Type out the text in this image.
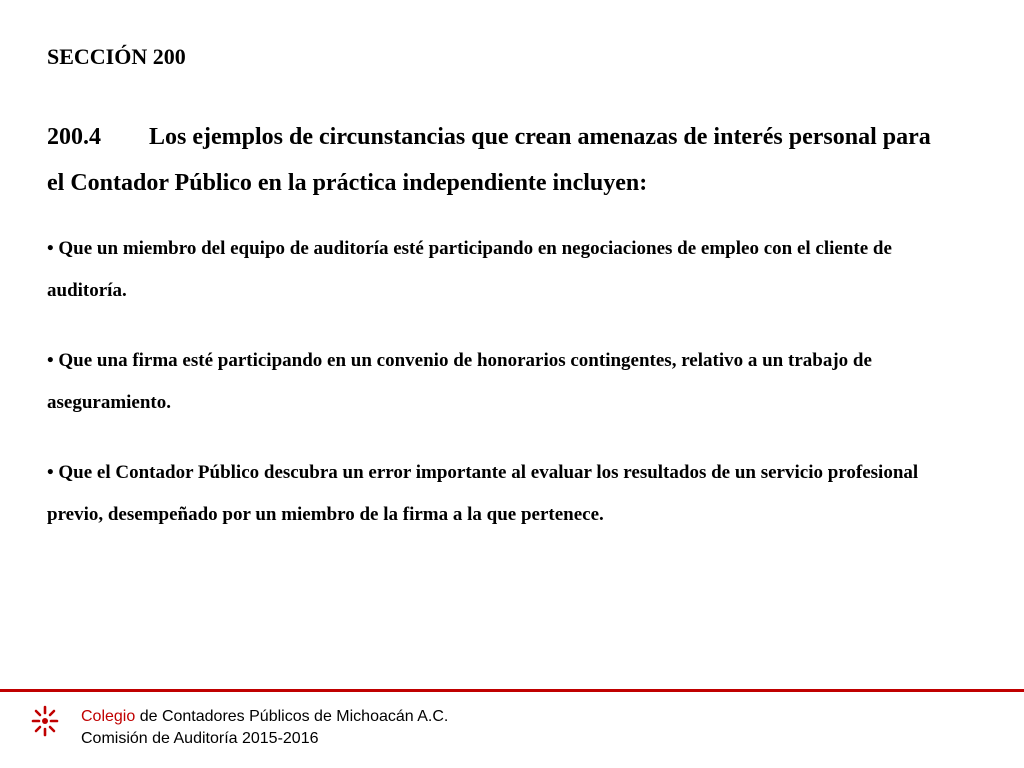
SECCIÓN 200
200.4 Los ejemplos de circunstancias que crean amenazas de interés personal para el Contador Público en la práctica independiente incluyen:
• Que un miembro del equipo de auditoría esté participando en negociaciones de empleo con el cliente de auditoría.
• Que una firma esté participando en un convenio de honorarios contingentes, relativo a un trabajo de aseguramiento.
• Que el Contador Público descubra un error importante al evaluar los resultados de un servicio profesional previo, desempeñado por un miembro de la firma a la que pertenece.
Colegio de Contadores Públicos de Michoacán A.C.
Comisión de Auditoría 2015-2016
